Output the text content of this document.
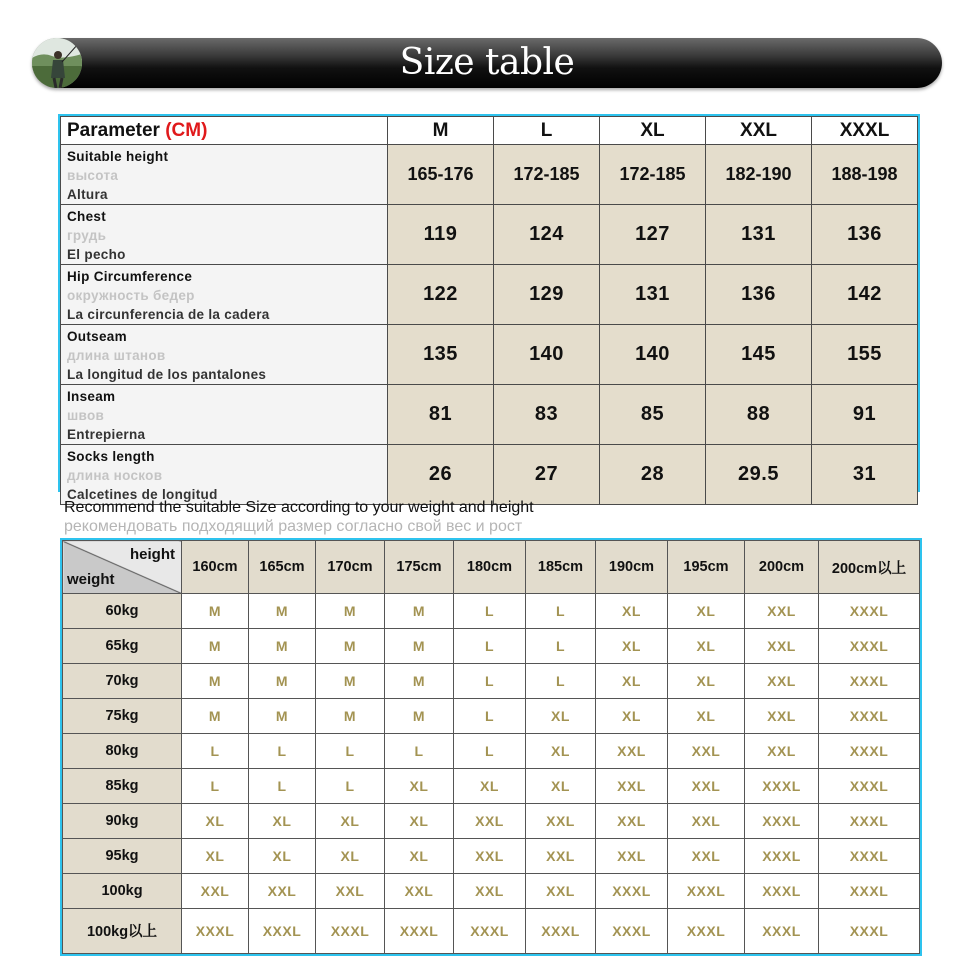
Size table
Parameter (CM)	M	L	XL	XXL	XXXL

Suitable height
высота
Altura	165-176	172-185	172-185	182-190	188-198

Chest
грудь
El pecho	119	124	127	131	136

Hip Circumference
окружность бедер
La circunferencia de la cadera	122	129	131	136	142

Outseam
длина штанов
La longitud de los pantalones	135	140	140	145	155

Inseam
швов
Entrepierna	81	83	85	88	91

Socks length
длина носков
Calcetines de longitud	26	27	28	29.5	31
Recommend the suitable Size according to your weight and height
рекомендовать подходящий размер согласно свой вес и рост
height
weight	160cm	165cm	170cm	175cm	180cm	185cm	190cm	195cm	200cm	200cm以上
60kg	M	M	M	M	L	L	XL	XL	XXL	XXXL
65kg	M	M	M	M	L	L	XL	XL	XXL	XXXL
70kg	M	M	M	M	L	L	XL	XL	XXL	XXXL
75kg	M	M	M	M	L	XL	XL	XL	XXL	XXXL
80kg	L	L	L	L	L	XL	XXL	XXL	XXL	XXXL
85kg	L	L	L	XL	XL	XL	XXL	XXL	XXXL	XXXL
90kg	XL	XL	XL	XL	XXL	XXL	XXL	XXL	XXXL	XXXL
95kg	XL	XL	XL	XL	XXL	XXL	XXL	XXL	XXXL	XXXL
100kg	XXL	XXL	XXL	XXL	XXL	XXL	XXXL	XXXL	XXXL	XXXL
100kg以上	XXXL	XXXL	XXXL	XXXL	XXXL	XXXL	XXXL	XXXL	XXXL	XXXL
